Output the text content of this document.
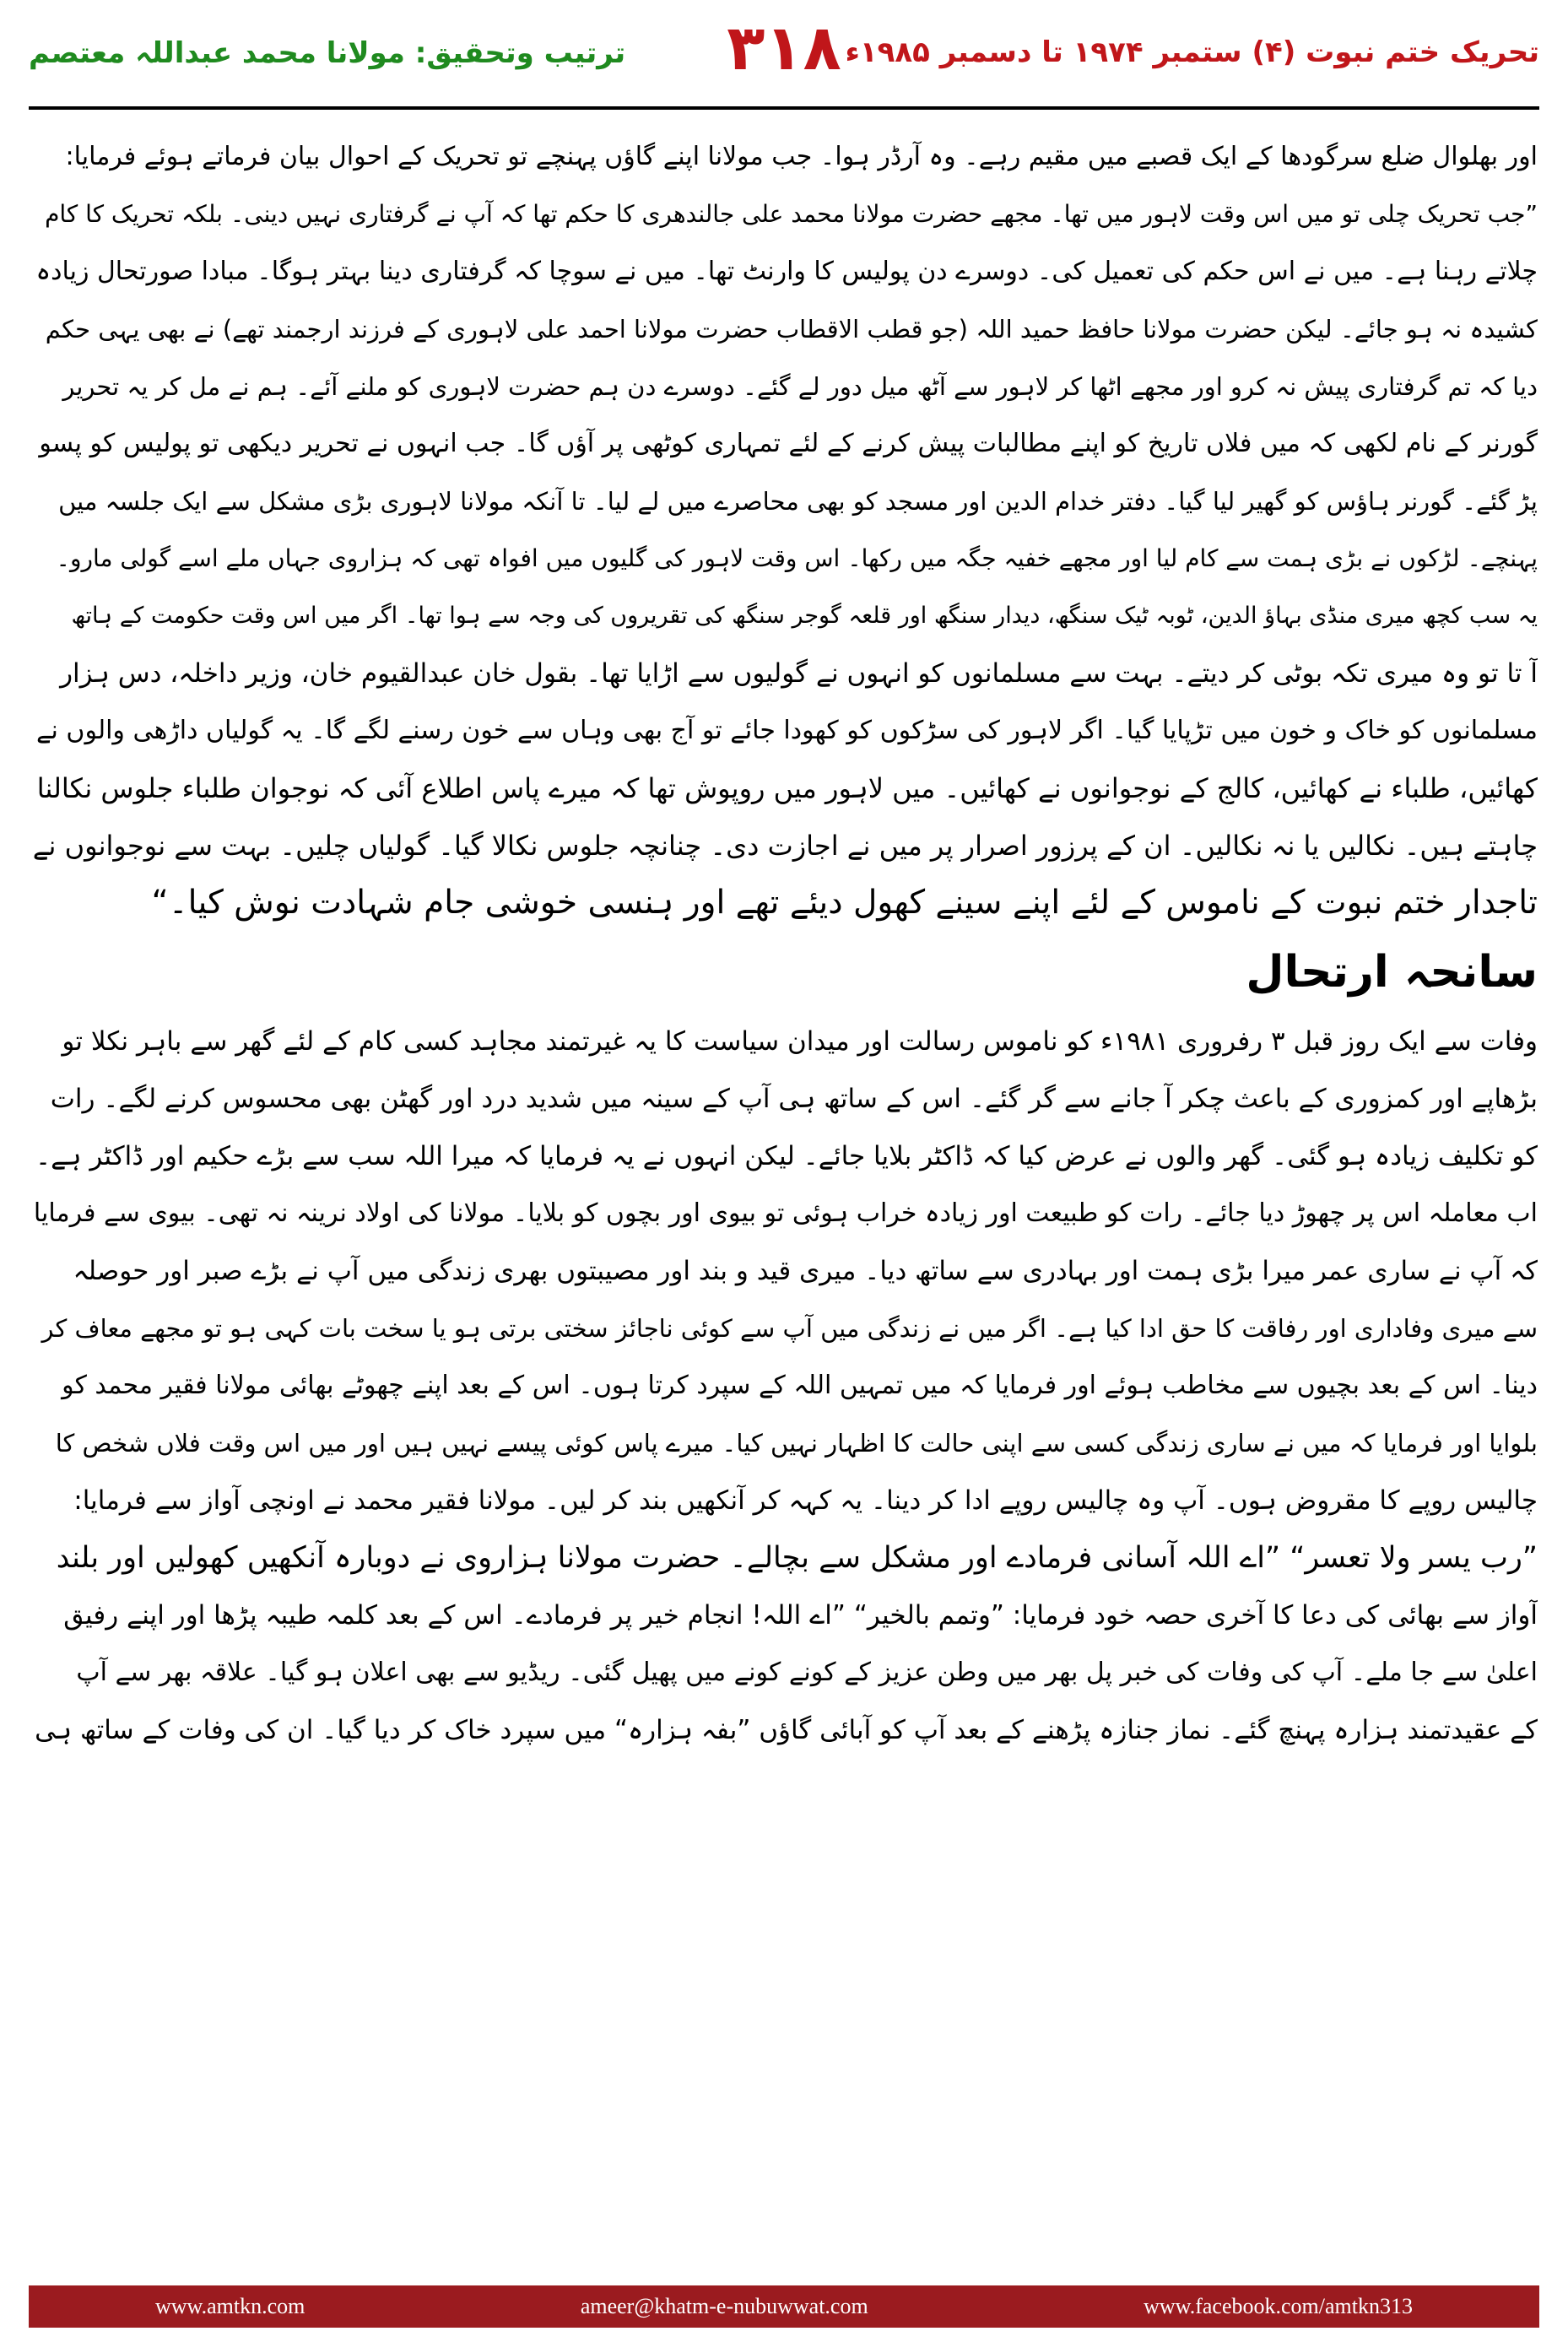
ترتیب وتحقیق: مولانا محمد عبداللہ معتصم	۳۱۸ تحریک ختم نبوت (۴) ستمبر ۱۹۷۴ تا دسمبر ۱۹۸۵ء

اور بھلوال ضلع سرگودھا کے ایک قصبے میں مقیم رہے۔ وہ آرڈر ہوا۔ جب مولانا اپنے گاؤں پہنچے تو تحریک کے احوال بیان فرماتے ہوئے فرمایا:

”جب تحریک چلی تو میں اس وقت لاہور میں تھا۔ مجھے حضرت مولانا محمد علی جالندھری کا حکم تھا کہ آپ نے گرفتاری نہیں دینی۔ بلکہ تحریک کا کام

چلاتے رہنا ہے۔ میں نے اس حکم کی تعمیل کی۔ دوسرے دن پولیس کا وارنٹ تھا۔ میں نے سوچا کہ گرفتاری دینا بہتر ہوگا۔ مبادا صورتحال زیادہ

کشیدہ نہ ہو جائے۔ لیکن حضرت مولانا حافظ حمید اللہ (جو قطب الاقطاب حضرت مولانا احمد علی لاہوری کے فرزند ارجمند تھے) نے بھی یہی حکم

دیا کہ تم گرفتاری پیش نہ کرو اور مجھے اٹھا کر لاہور سے آٹھ میل دور لے گئے۔ دوسرے دن ہم حضرت لاہوری کو ملنے آئے۔ ہم نے مل کر یہ تحریر

گورنر کے نام لکھی کہ میں فلاں تاریخ کو اپنے مطالبات پیش کرنے کے لئے تمہاری کوٹھی پر آؤں گا۔ جب انہوں نے تحریر دیکھی تو پولیس کو پسو

پڑ گئے۔ گورنر ہاؤس کو گھیر لیا گیا۔ دفتر خدام الدین اور مسجد کو بھی محاصرے میں لے لیا۔ تا آنکہ مولانا لاہوری بڑی مشکل سے ایک جلسہ میں

پہنچے۔ لڑکوں نے بڑی ہمت سے کام لیا اور مجھے خفیہ جگہ میں رکھا۔ اس وقت لاہور کی گلیوں میں افواہ تھی کہ ہزاروی جہاں ملے اسے گولی مارو۔

یہ سب کچھ میری منڈی بہاؤ الدین، ٹوبہ ٹیک سنگھ، دیدار سنگھ اور قلعہ گوجر سنگھ کی تقریروں کی وجہ سے ہوا تھا۔ اگر میں اس وقت حکومت کے ہاتھ

آ تا تو وہ میری تکہ بوٹی کر دیتے۔ بہت سے مسلمانوں کو انہوں نے گولیوں سے اڑایا تھا۔ بقول خان عبدالقیوم خان، وزیر داخلہ، دس ہزار

مسلمانوں کو خاک و خون میں تڑپایا گیا۔ اگر لاہور کی سڑکوں کو کھودا جائے تو آج بھی وہاں سے خون رسنے لگے گا۔ یہ گولیاں داڑھی والوں نے

کھائیں، طلباء نے کھائیں، کالج کے نوجوانوں نے کھائیں۔ میں لاہور میں روپوش تھا کہ میرے پاس اطلاع آئی کہ نوجوان طلباء جلوس نکالنا

چاہتے ہیں۔ نکالیں یا نہ نکالیں۔ ان کے پرزور اصرار پر میں نے اجازت دی۔ چنانچہ جلوس نکالا گیا۔ گولیاں چلیں۔ بہت سے نوجوانوں نے

تاجدار ختم نبوت کے ناموس کے لئے اپنے سینے کھول دیئے تھے اور ہنسی خوشی جام شہادت نوش کیا۔“

سانحہ ارتحال

وفات سے ایک روز قبل ۳ رفروری ۱۹۸۱ء کو ناموس رسالت اور میدان سیاست کا یہ غیرتمند مجاہد کسی کام کے لئے گھر سے باہر نکلا تو

بڑھاپے اور کمزوری کے باعث چکر آ جانے سے گر گئے۔ اس کے ساتھ ہی آپ کے سینہ میں شدید درد اور گھٹن بھی محسوس کرنے لگے۔ رات

کو تکلیف زیادہ ہو گئی۔ گھر والوں نے عرض کیا کہ ڈاکٹر بلایا جائے۔ لیکن انہوں نے یہ فرمایا کہ میرا اللہ سب سے بڑے حکیم اور ڈاکٹر ہے۔

اب معاملہ اس پر چھوڑ دیا جائے۔ رات کو طبیعت اور زیادہ خراب ہوئی تو بیوی اور بچوں کو بلایا۔ مولانا کی اولاد نرینہ نہ تھی۔ بیوی سے فرمایا

کہ آپ نے ساری عمر میرا بڑی ہمت اور بہادری سے ساتھ دیا۔ میری قید و بند اور مصیبتوں بھری زندگی میں آپ نے بڑے صبر اور حوصلہ

سے میری وفاداری اور رفاقت کا حق ادا کیا ہے۔ اگر میں نے زندگی میں آپ سے کوئی ناجائز سختی برتی ہو یا سخت بات کہی ہو تو مجھے معاف کر

دینا۔ اس کے بعد بچیوں سے مخاطب ہوئے اور فرمایا کہ میں تمہیں اللہ کے سپرد کرتا ہوں۔ اس کے بعد اپنے چھوٹے بھائی مولانا فقیر محمد کو

بلوایا اور فرمایا کہ میں نے ساری زندگی کسی سے اپنی حالت کا اظہار نہیں کیا۔ میرے پاس کوئی پیسے نہیں ہیں اور میں اس وقت فلاں شخص کا

چالیس روپے کا مقروض ہوں۔ آپ وہ چالیس روپے ادا کر دینا۔ یہ کہہ کر آنکھیں بند کر لیں۔ مولانا فقیر محمد نے اونچی آواز سے فرمایا:

”رب یسر ولا تعسر“ ”اے اللہ آسانی فرمادے اور مشکل سے بچالے۔ حضرت مولانا ہزاروی نے دوبارہ آنکھیں کھولیں اور بلند

آواز سے بھائی کی دعا کا آخری حصہ خود فرمایا: ”وتمم بالخیر“ ”اے اللہ! انجام خیر پر فرمادے۔ اس کے بعد کلمہ طیبہ پڑھا اور اپنے رفیق

اعلیٰ سے جا ملے۔ آپ کی وفات کی خبر پل بھر میں وطن عزیز کے کونے کونے میں پھیل گئی۔ ریڈیو سے بھی اعلان ہو گیا۔ علاقہ بھر سے آپ

کے عقیدتمند ہزارہ پہنچ گئے۔ نماز جنازہ پڑھنے کے بعد آپ کو آبائی گاؤں ”بفہ ہزارہ“ میں سپرد خاک کر دیا گیا۔ ان کی وفات کے ساتھ ہی

www.amtkn.com	ameer@khatm-e-nubuwwat.com	www.facebook.com/amtkn313
